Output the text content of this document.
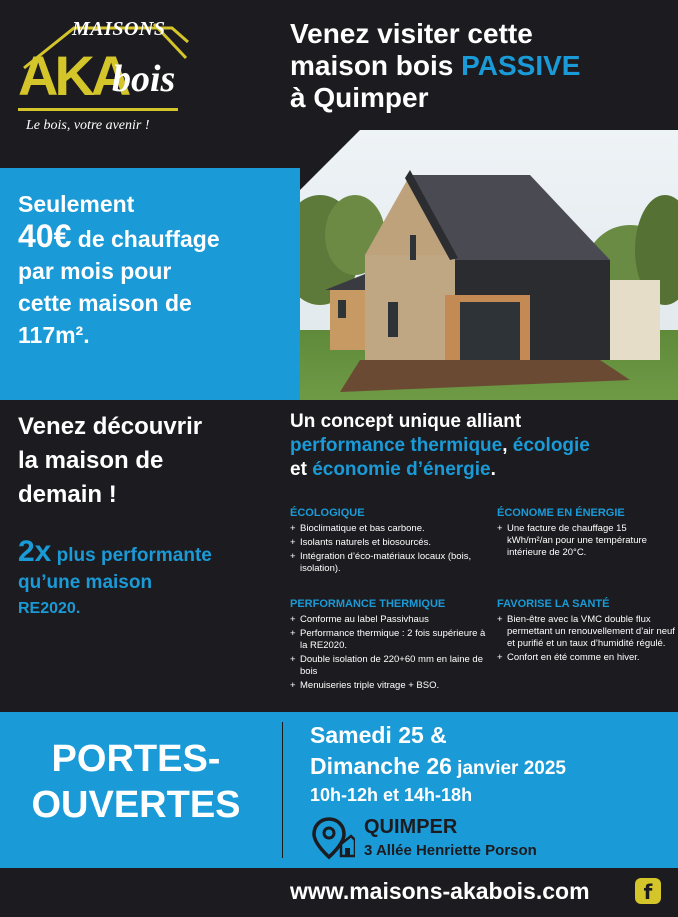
MAISONS
AKA
bois
Le bois, votre avenir !
Venez visiter cette
maison bois PASSIVE
à Quimper
Seulement
40€ de chauffage
par mois pour
cette maison de
117m².
Venez découvrir
la maison de
demain !
2x plus performante
qu’une maison
RE2020.
Un concept unique alliant
performance thermique, écologie
et économie d’énergie.
ÉCOLOGIQUE
+ Bioclimatique et bas carbone.
+ Isolants naturels et biosourcés.
+ Intégration d’éco-matériaux locaux (bois, isolation).
ÉCONOME EN ÉNERGIE
+ Une facture de chauffage 15 kWh/m²/an pour une température intérieure de 20°C.
PERFORMANCE THERMIQUE
+ Conforme au label Passivhaus
+ Performance thermique : 2 fois supérieure à la RE2020.
+ Double isolation de 220+60 mm en laine de bois
+ Menuiseries triple vitrage + BSO.
FAVORISE LA SANTÉ
+ Bien-être avec la VMC double flux permettant un renouvellement d’air neuf et purifié et un taux d’humidité régulé.
+ Confort en été comme en hiver.
PORTES-
OUVERTES
Samedi 25 &
Dimanche 26 janvier 2025
10h-12h et 14h-18h
QUIMPER
3 Allée Henriette Porson
www.maisons-akabois.com	f
